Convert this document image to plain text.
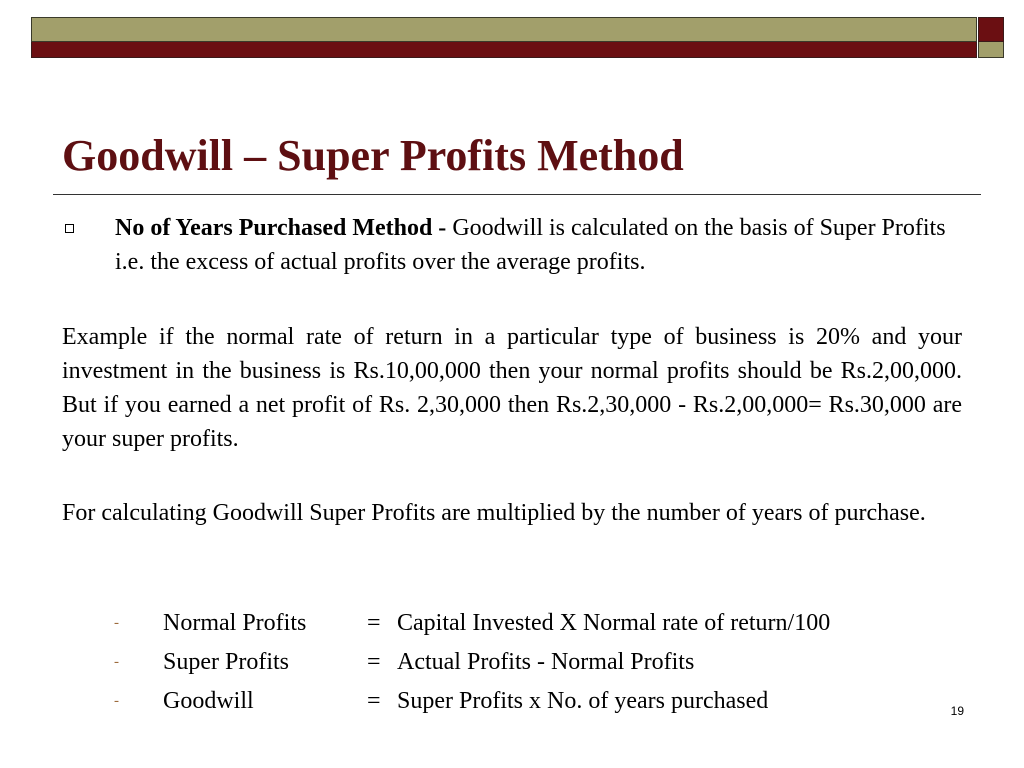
Goodwill – Super Profits Method
No of Years Purchased Method - Goodwill is calculated on the basis of Super Profits i.e. the excess of actual profits over the average profits.
Example if the normal rate of return in a particular type of business is 20% and your investment in the business is Rs.10,00,000 then your normal profits should be Rs.2,00,000. But if you earned a net profit of Rs. 2,30,000 then Rs.2,30,000 - Rs.2,00,000= Rs.30,000 are your super profits.
For calculating Goodwill Super Profits are multiplied by the number of years of purchase.
- Normal Profits	= Capital Invested X Normal rate of return/100
- Super Profits	= Actual Profits - Normal Profits
- Goodwill	= Super Profits x No. of years purchased	19
